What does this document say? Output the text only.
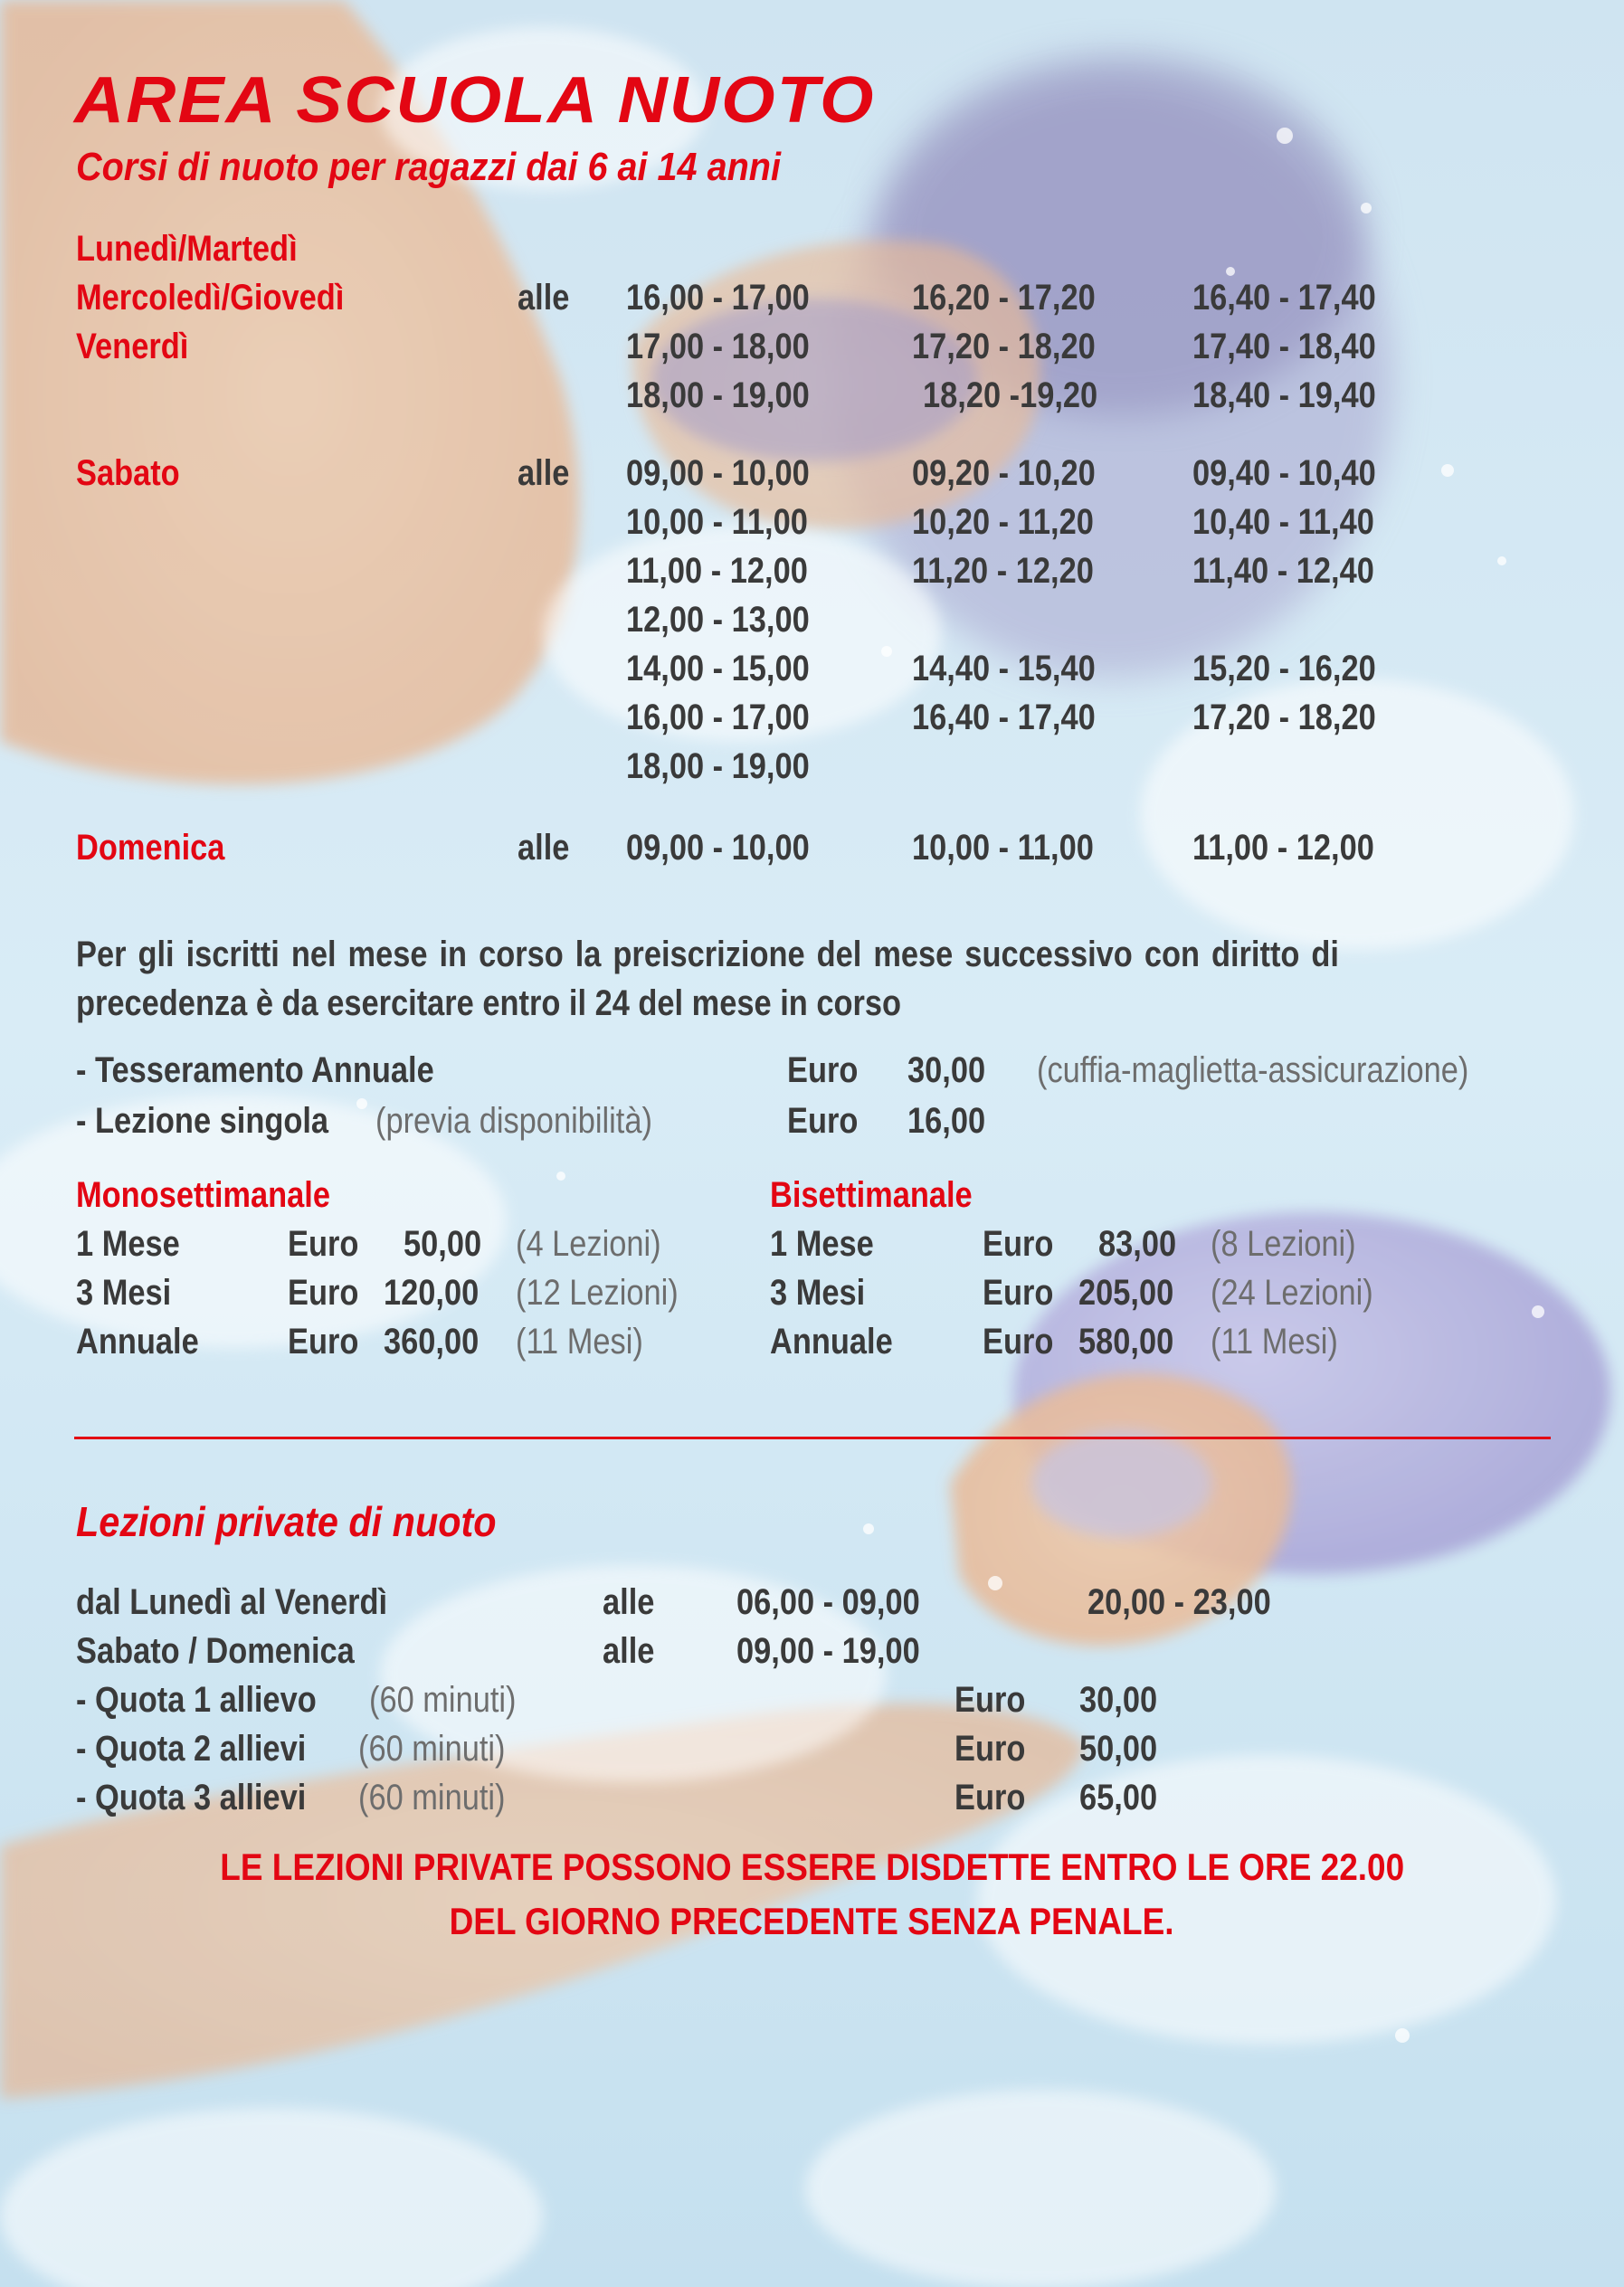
AREA SCUOLA NUOTO
Corsi di nuoto per ragazzi dai 6 ai 14 anni
Lunedì/Martedì
Mercoledì/Giovedì
Venerdì
alle 16,00 - 17,00	16,20 - 17,20	16,40 - 17,40
17,00 - 18,00	17,20 - 18,20	17,40 - 18,40
18,00 - 19,00	18,20 -19,20	18,40 - 19,40
Sabato	alle 09,00 - 10,00	09,20 - 10,20	09,40 - 10,40
10,00 - 11,00	10,20 - 11,20	10,40 - 11,40
11,00 - 12,00	11,20 - 12,20	11,40 - 12,40
12,00 - 13,00
14,00 - 15,00	14,40 - 15,40	15,20 - 16,20
16,00 - 17,00	16,40 - 17,40	17,20 - 18,20
18,00 - 19,00
Domenica	alle 09,00 - 10,00	10,00 - 11,00	11,00 - 12,00
Per gli iscritti nel mese in corso la preiscrizione del mese successivo con diritto di
precedenza è da esercitare entro il 24 del mese in corso
- Tesseramento Annuale	Euro 30,00 (cuffia-maglietta-assicurazione)
- Lezione singola (previa disponibilità)	Euro 16,00
Monosettimanale
1 Mese	Euro 50,00 (4 Lezioni)
3 Mesi	Euro 120,00 (12 Lezioni)
Annuale Euro 360,00 (11 Mesi)
Bisettimanale
1 Mese	Euro 83,00 (8 Lezioni)
3 Mesi	Euro 205,00 (24 Lezioni)
Annuale Euro 580,00 (11 Mesi)
Lezioni private di nuoto
dal Lunedì al Venerdì	alle 06,00 - 09,00	20,00 - 23,00
Sabato / Domenica	alle 09,00 - 19,00
- Quota 1 allievo (60 minuti)	Euro 30,00
- Quota 2 allievi (60 minuti)	Euro 50,00
- Quota 3 allievi (60 minuti)	Euro 65,00
LE LEZIONI PRIVATE POSSONO ESSERE DISDETTE ENTRO LE ORE 22.00
DEL GIORNO PRECEDENTE SENZA PENALE.
